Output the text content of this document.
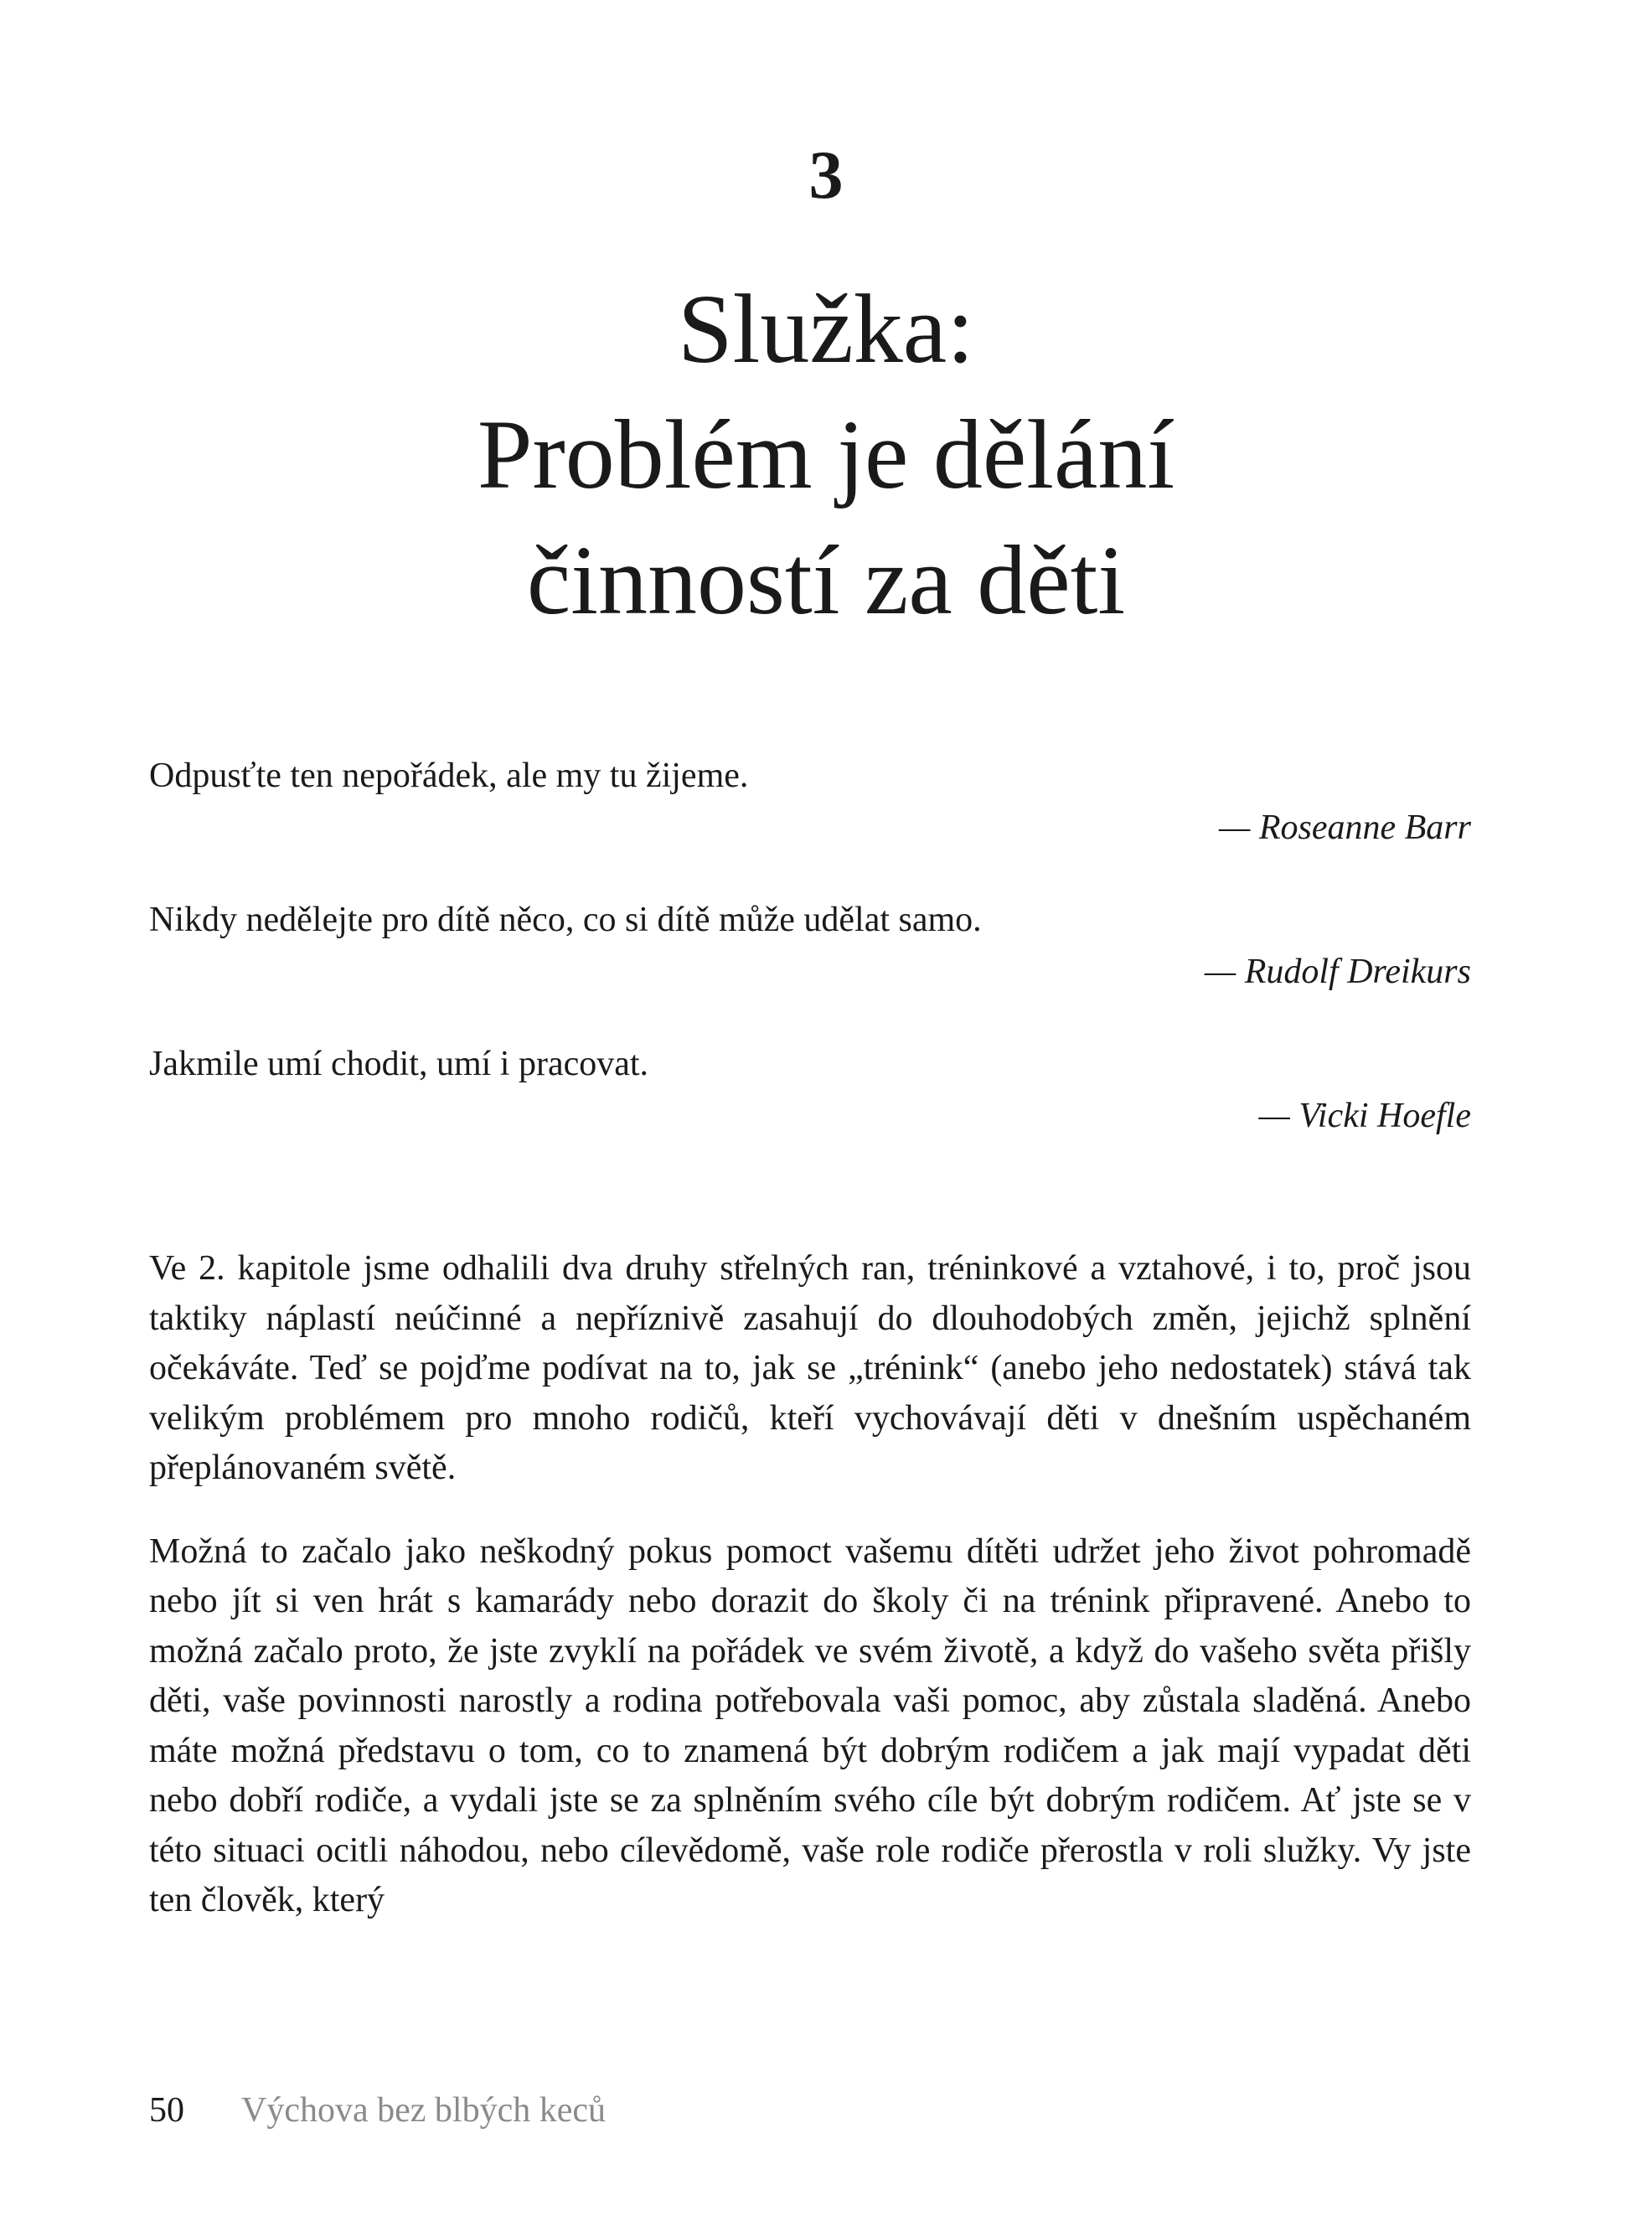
3
Služka:
Problém je dělání
činností za děti
Odpusťte ten nepořádek, ale my tu žijeme.
— Roseanne Barr
Nikdy nedělejte pro dítě něco, co si dítě může udělat samo.
— Rudolf Dreikurs
Jakmile umí chodit, umí i pracovat.
— Vicki Hoefle

Ve 2. kapitole jsme odhalili dva druhy střelných ran, tréninkové a vztahové, i to, proč jsou taktiky náplastí neúčinné a nepříznivě zasahují do dlouhodobých změn, jejichž splnění očekáváte. Teď se pojďme podívat na to, jak se „trénink“ (anebo jeho nedostatek) stává tak velikým problémem pro mnoho rodičů, kteří vychovávají děti v dnešním uspěchaném přeplánovaném světě.

Možná to začalo jako neškodný pokus pomoct vašemu dítěti udržet jeho život pohromadě nebo jít si ven hrát s kamarády nebo dorazit do školy či na trénink připravené. Anebo to možná začalo proto, že jste zvyklí na pořádek ve svém životě, a když do vašeho světa přišly děti, vaše povinnosti narostly a rodina potřebovala vaši pomoc, aby zůstala sladěná. Anebo máte možná představu o tom, co to znamená být dobrým rodičem a jak mají vypadat děti nebo dobří rodiče, a vydali jste se za splněním svého cíle být dobrým rodičem. Ať jste se v této situaci ocitli náhodou, nebo cílevědomě, vaše role rodiče přerostla v roli služky. Vy jste ten člověk, který

50 Výchova bez blbých keců
